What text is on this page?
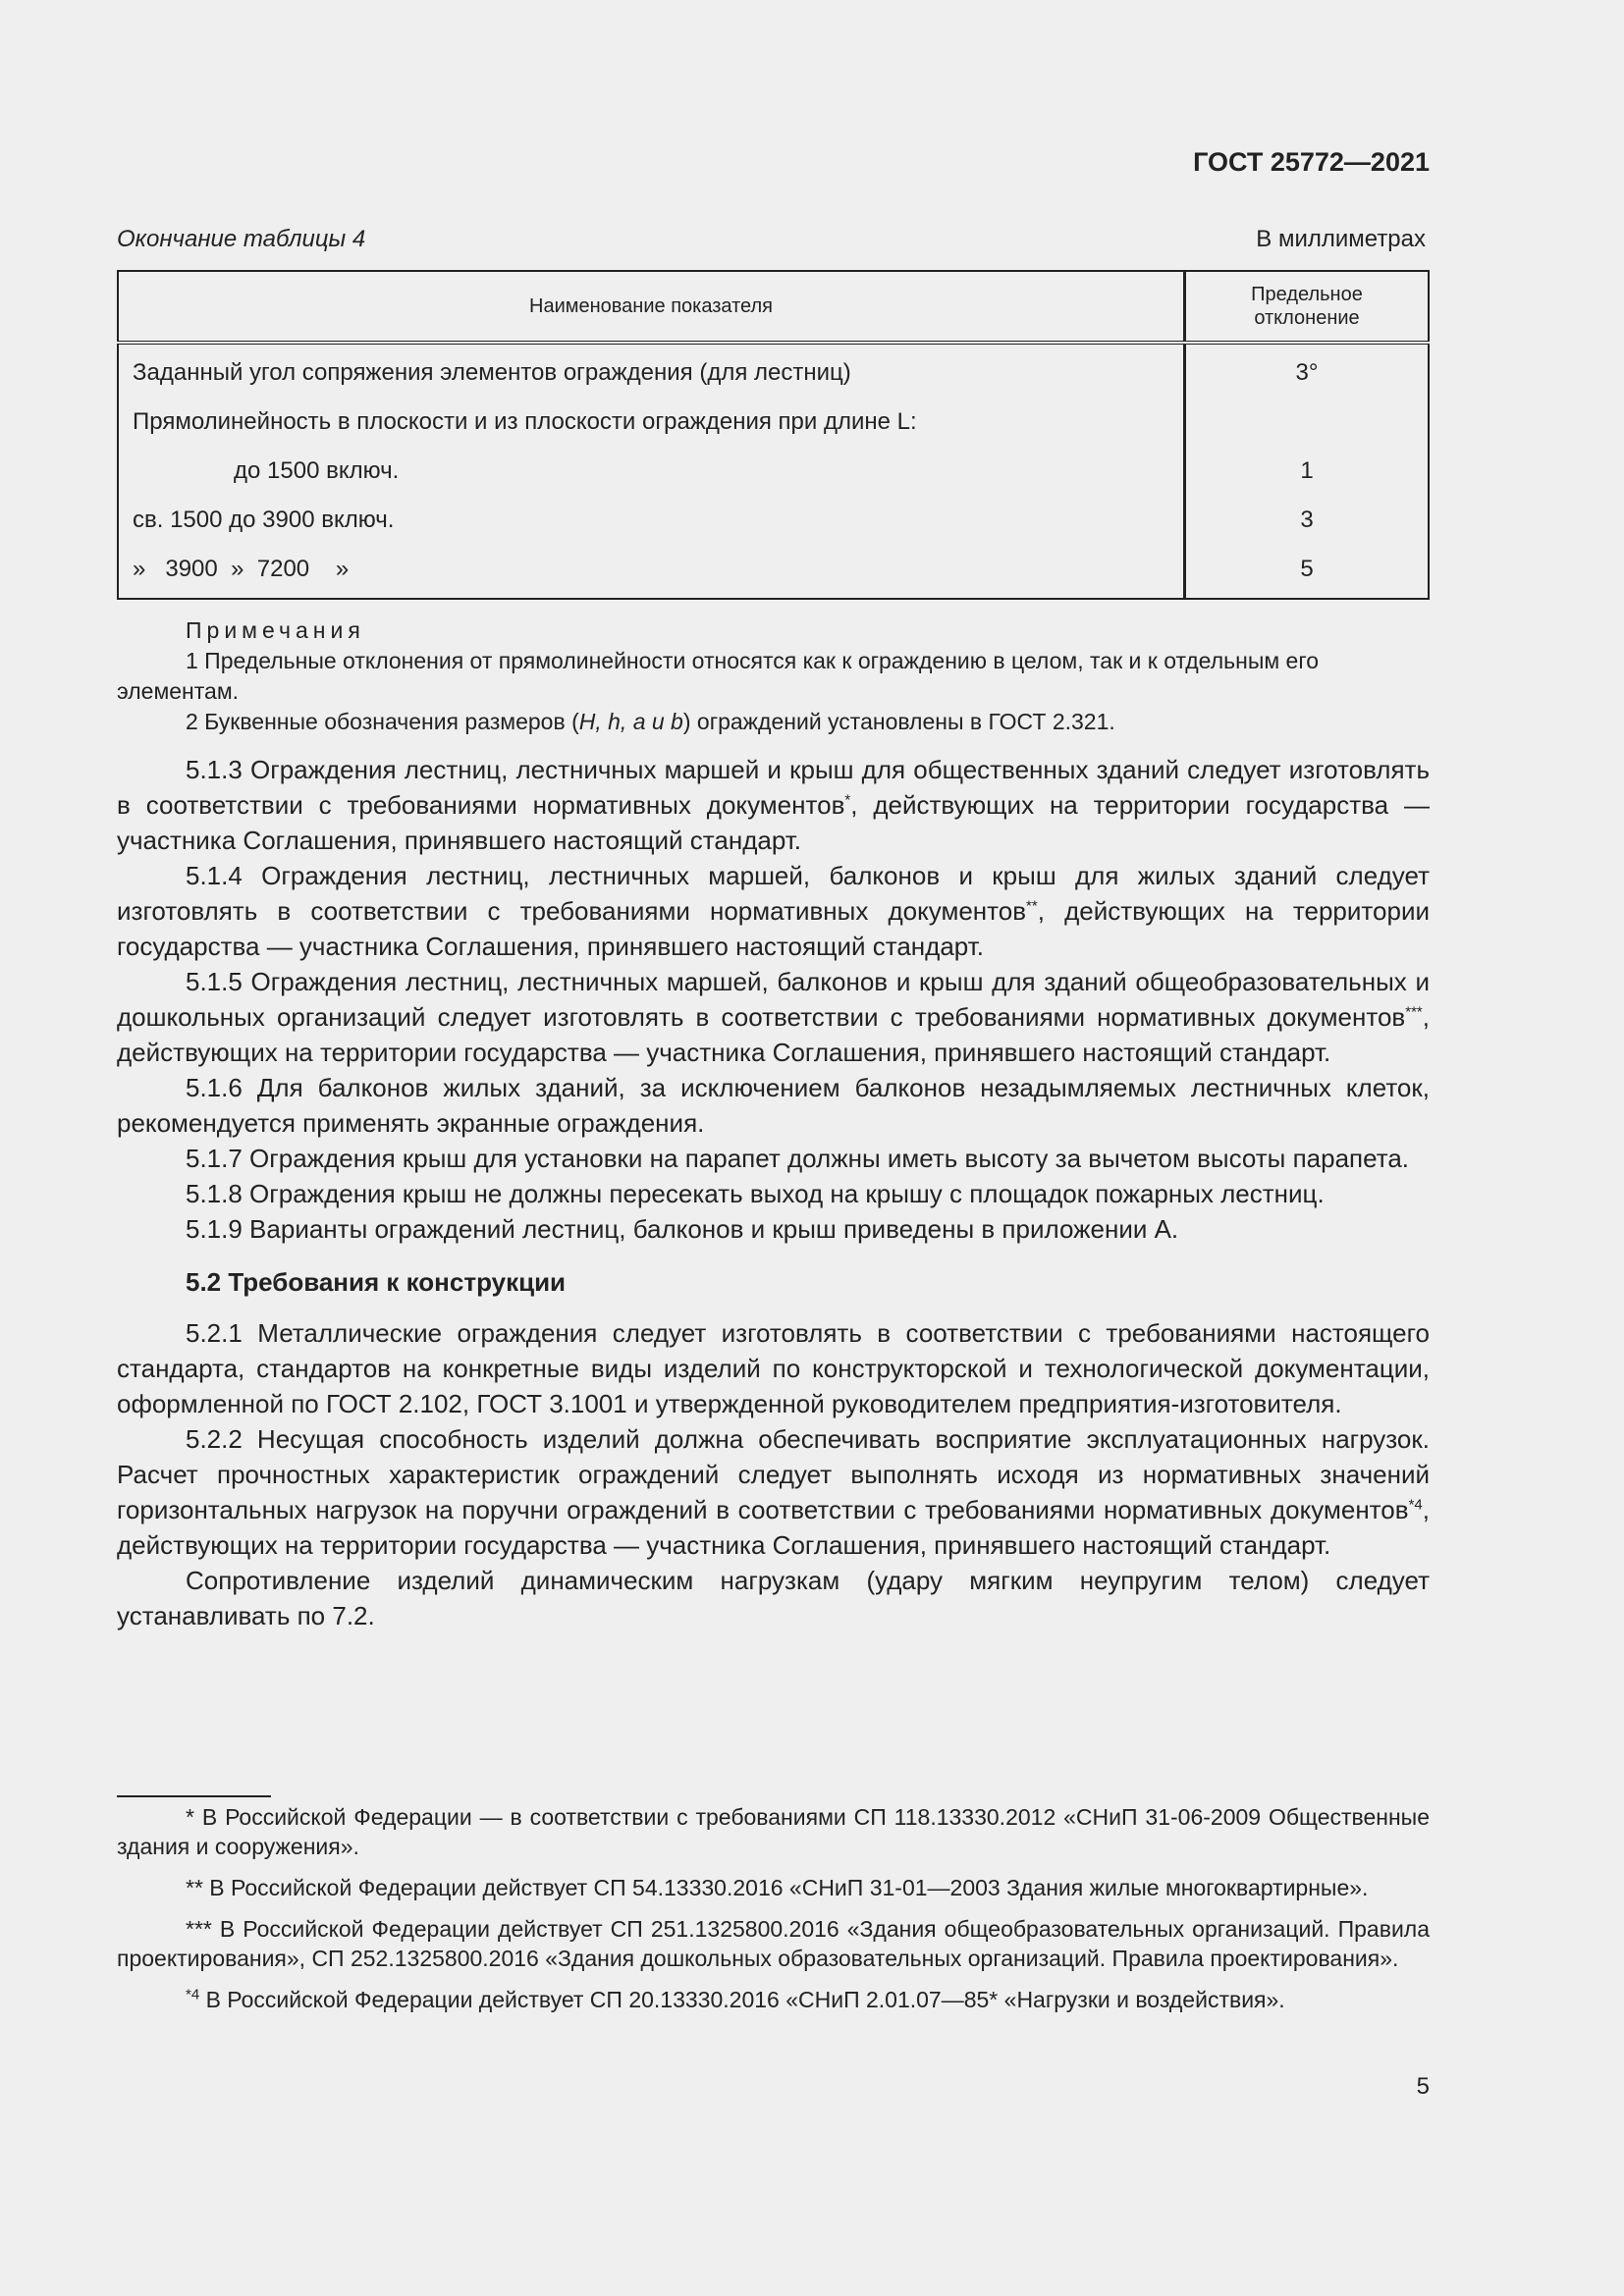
ГОСТ 25772—2021
Окончание таблицы 4	В миллиметрах
Наименование показателя	Предельное
отклонение
Заданный угол сопряжения элементов ограждения (для лестниц)	3°
Прямолинейность в плоскости и из плоскости ограждения при длине L:	
до 1500 включ.	1
св. 1500 до 3900 включ.	3
»   3900  »  7200    »	5
Примечания

1 Предельные отклонения от прямолинейности относятся как к ограждению в целом, так и к отдельным его элементам.

2 Буквенные обозначения размеров (H, h, a и b) ограждений установлены в ГОСТ 2.321.

5.1.3 Ограждения лестниц, лестничных маршей и крыш для общественных зданий следует изготовлять в соответствии с требованиями нормативных документов*, действующих на территории государства — участника Соглашения, принявшего настоящий стандарт.

5.1.4 Ограждения лестниц, лестничных маршей, балконов и крыш для жилых зданий следует изготовлять в соответствии с требованиями нормативных документов**, действующих на территории государства — участника Соглашения, принявшего настоящий стандарт.

5.1.5 Ограждения лестниц, лестничных маршей, балконов и крыш для зданий общеобразовательных и дошкольных организаций следует изготовлять в соответствии с требованиями нормативных документов***, действующих на территории государства — участника Соглашения, принявшего настоящий стандарт.

5.1.6 Для балконов жилых зданий, за исключением балконов незадымляемых лестничных клеток, рекомендуется применять экранные ограждения.

5.1.7 Ограждения крыш для установки на парапет должны иметь высоту за вычетом высоты парапета.

5.1.8 Ограждения крыш не должны пересекать выход на крышу с площадок пожарных лестниц.

5.1.9 Варианты ограждений лестниц, балконов и крыш приведены в приложении А.

5.2 Требования к конструкции

5.2.1 Металлические ограждения следует изготовлять в соответствии с требованиями настоящего стандарта, стандартов на конкретные виды изделий по конструкторской и технологической документации, оформленной по ГОСТ 2.102, ГОСТ 3.1001 и утвержденной руководителем предприятия-изготовителя.

5.2.2 Несущая способность изделий должна обеспечивать восприятие эксплуатационных нагрузок. Расчет прочностных характеристик ограждений следует выполнять исходя из нормативных значений горизонтальных нагрузок на поручни ограждений в соответствии с требованиями нормативных документов$^{*4}$, действующих на территории государства — участника Соглашения, принявшего настоящий стандарт.

Сопротивление изделий динамическим нагрузкам (удару мягким неупругим телом) следует устанавливать по 7.2.

* В Российской Федерации — в соответствии с требованиями СП 118.13330.2012 «СНиП 31-06-2009 Общественные здания и сооружения».

** В Российской Федерации действует СП 54.13330.2016 «СНиП 31-01—2003 Здания жилые многоквартирные».

*** В Российской Федерации действует СП 251.1325800.2016 «Здания общеобразовательных организаций. Правила проектирования», СП 252.1325800.2016 «Здания дошкольных образовательных организаций. Правила проектирования».

$^{*4}$ В Российской Федерации действует СП 20.13330.2016 «СНиП 2.01.07—85* «Нагрузки и воздействия».

5
